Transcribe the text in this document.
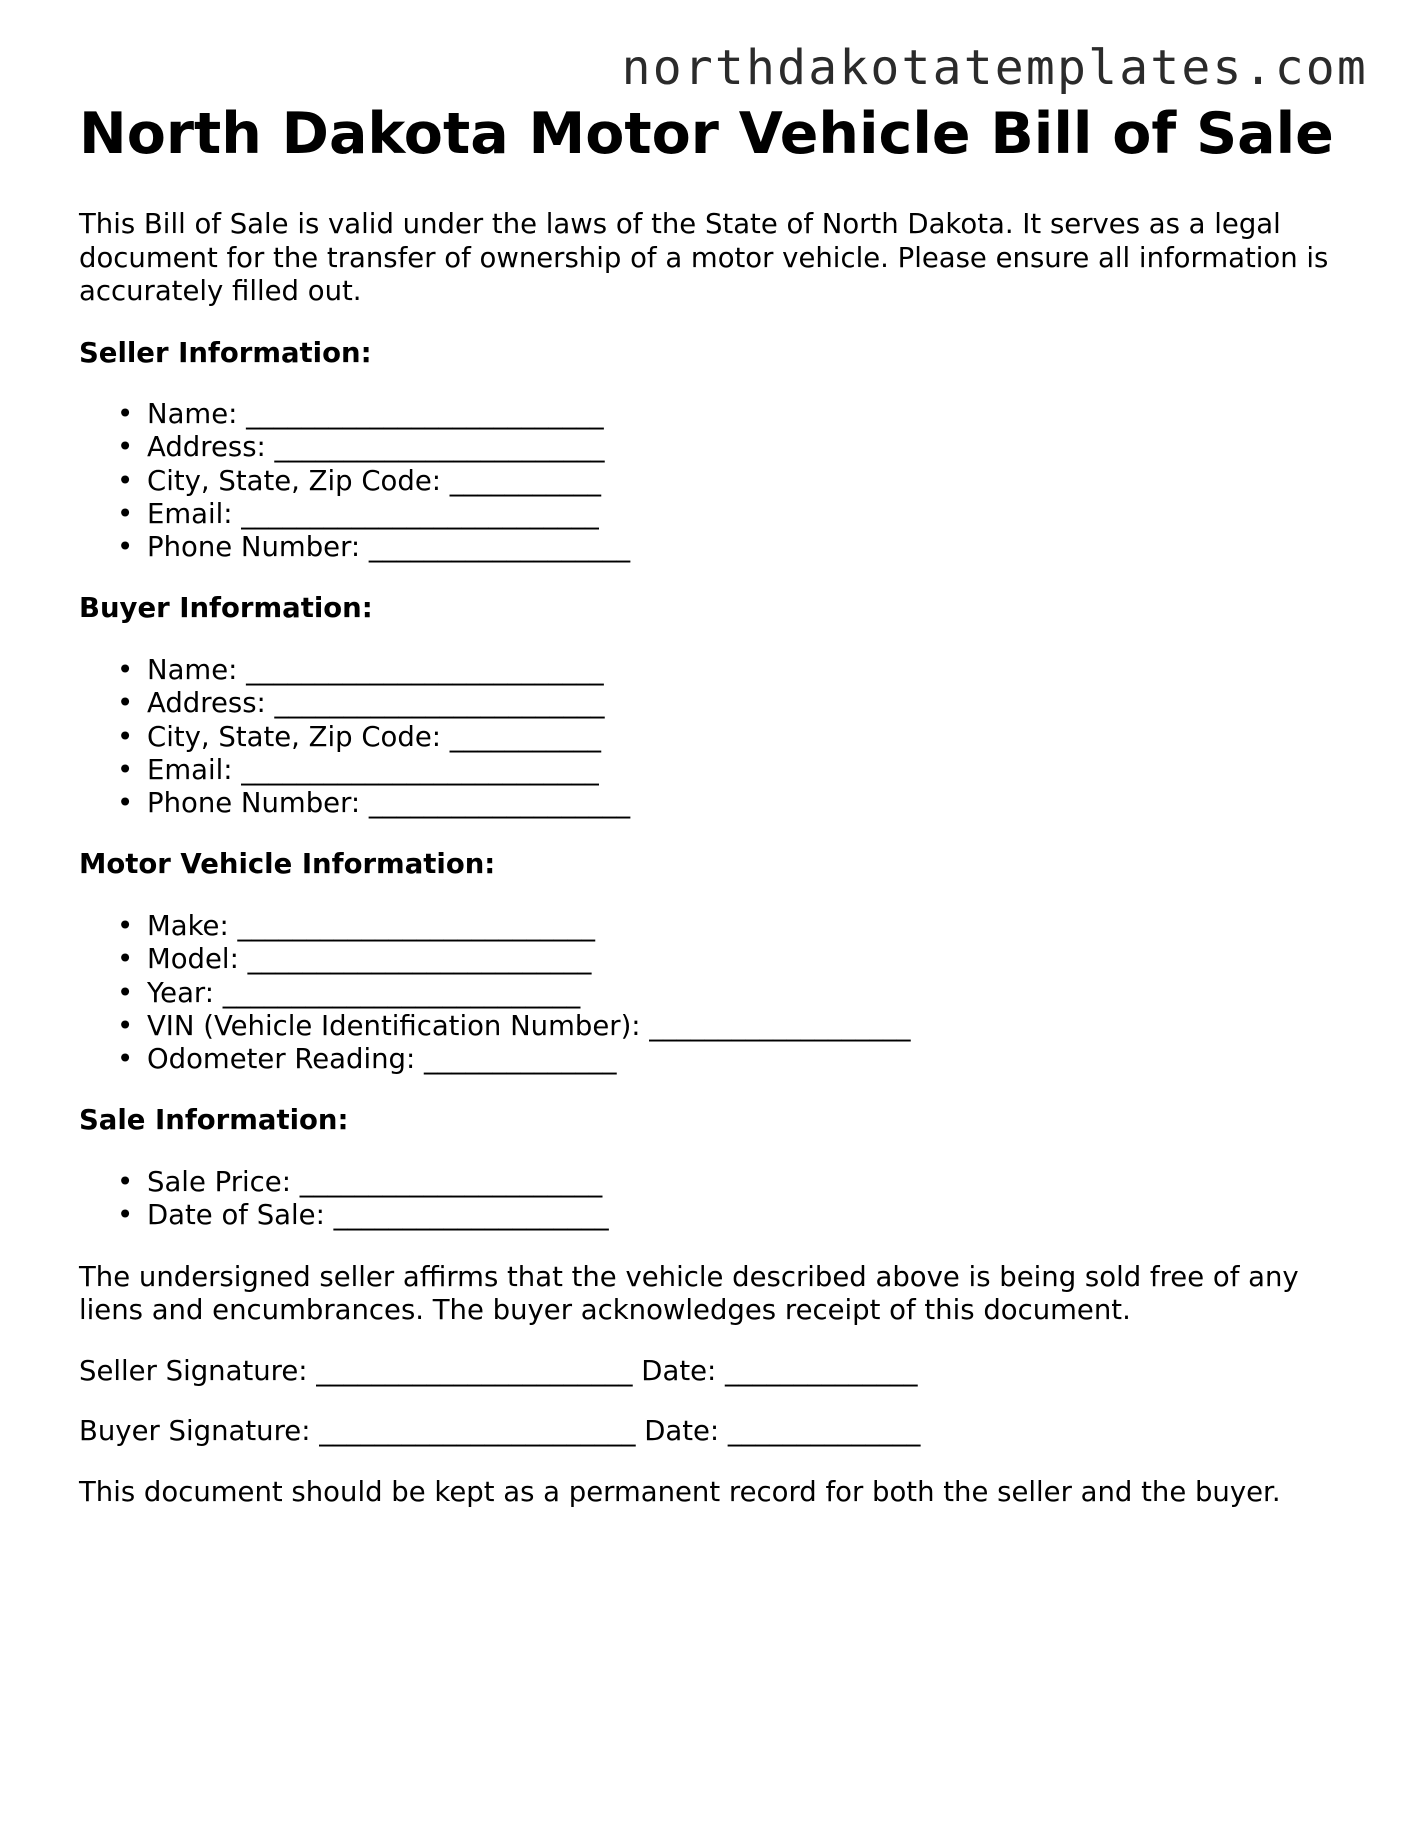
northdakotatemplates.com
North Dakota Motor Vehicle Bill of Sale

This Bill of Sale is valid under the laws of the State of North Dakota. It serves as a legal document for the transfer of ownership of a motor vehicle. Please ensure all information is accurately filled out.

Seller Information:
• Name: __________________________
• Address: ________________________
• City, State, Zip Code: ___________
• Email: __________________________
• Phone Number: ___________________
Buyer Information:
• Name: __________________________
• Address: ________________________
• City, State, Zip Code: ___________
• Email: __________________________
• Phone Number: ___________________
Motor Vehicle Information:
• Make: __________________________
• Model: _________________________
• Year: __________________________
• VIN (Vehicle Identification Number): ___________________
• Odometer Reading: ______________
Sale Information:
• Sale Price: ______________________
• Date of Sale: ____________________

The undersigned seller affirms that the vehicle described above is being sold free of any liens and encumbrances. The buyer acknowledges receipt of this document.

Seller Signature: _______________________ Date: ______________

Buyer Signature: _______________________ Date: ______________

This document should be kept as a permanent record for both the seller and the buyer.
